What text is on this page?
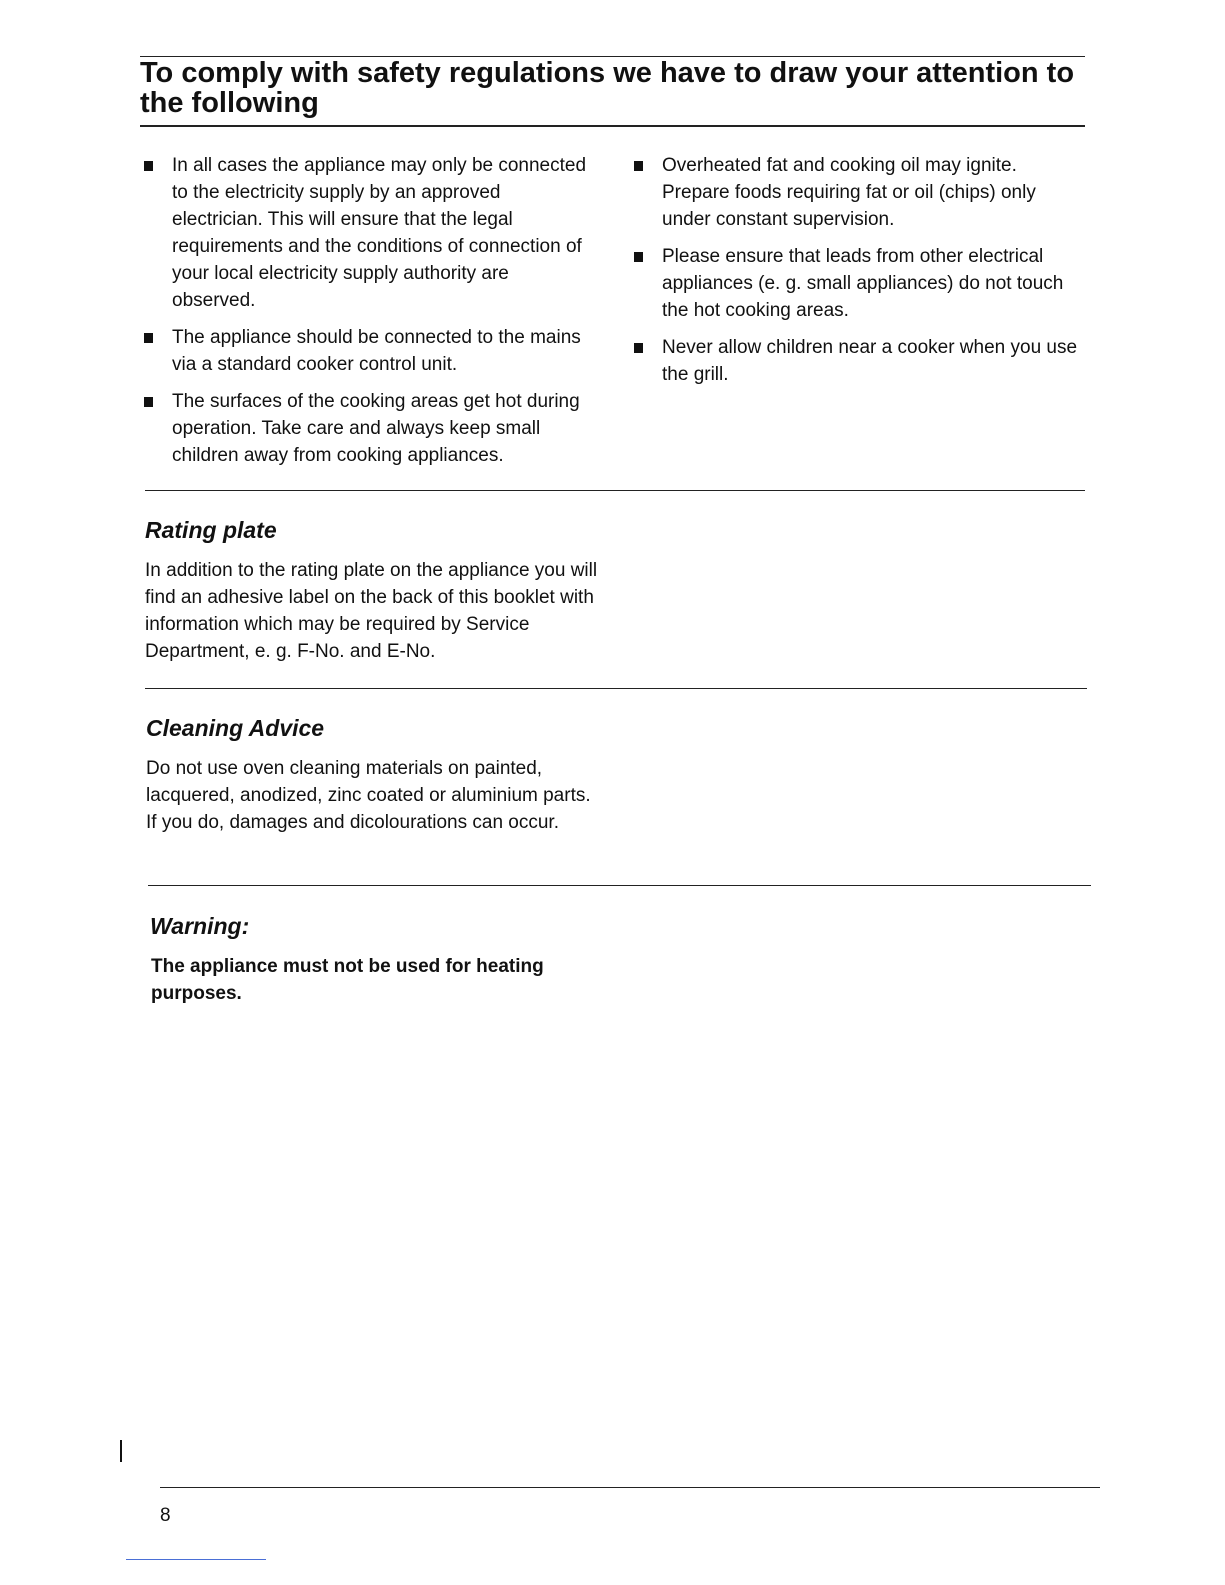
To comply with safety regulations we have to draw your attention to the following
In all cases the appliance may only be connected to the electricity supply by an approved electrician. This will ensure that the legal requirements and the conditions of connection of your local electricity supply authority are observed.
The appliance should be connected to the mains via a standard cooker control unit.
The surfaces of the cooking areas get hot during operation. Take care and always keep small children away from cooking appliances.
Overheated fat and cooking oil may ignite. Prepare foods requiring fat or oil (chips) only under constant supervision.
Please ensure that leads from other electrical appliances (e. g. small appliances) do not touch the hot cooking areas.
Never allow children near a cooker when you use the grill.
Rating plate

In addition to the rating plate on the appliance you will find an adhesive label on the back of this booklet with information which may be required by Service Department, e. g. F-No. and E-No.

Cleaning Advice

Do not use oven cleaning materials on painted, lacquered, anodized, zinc coated or aluminium parts. If you do, damages and dicolourations can occur.

Warning:

The appliance must not be used for heating purposes.

8
